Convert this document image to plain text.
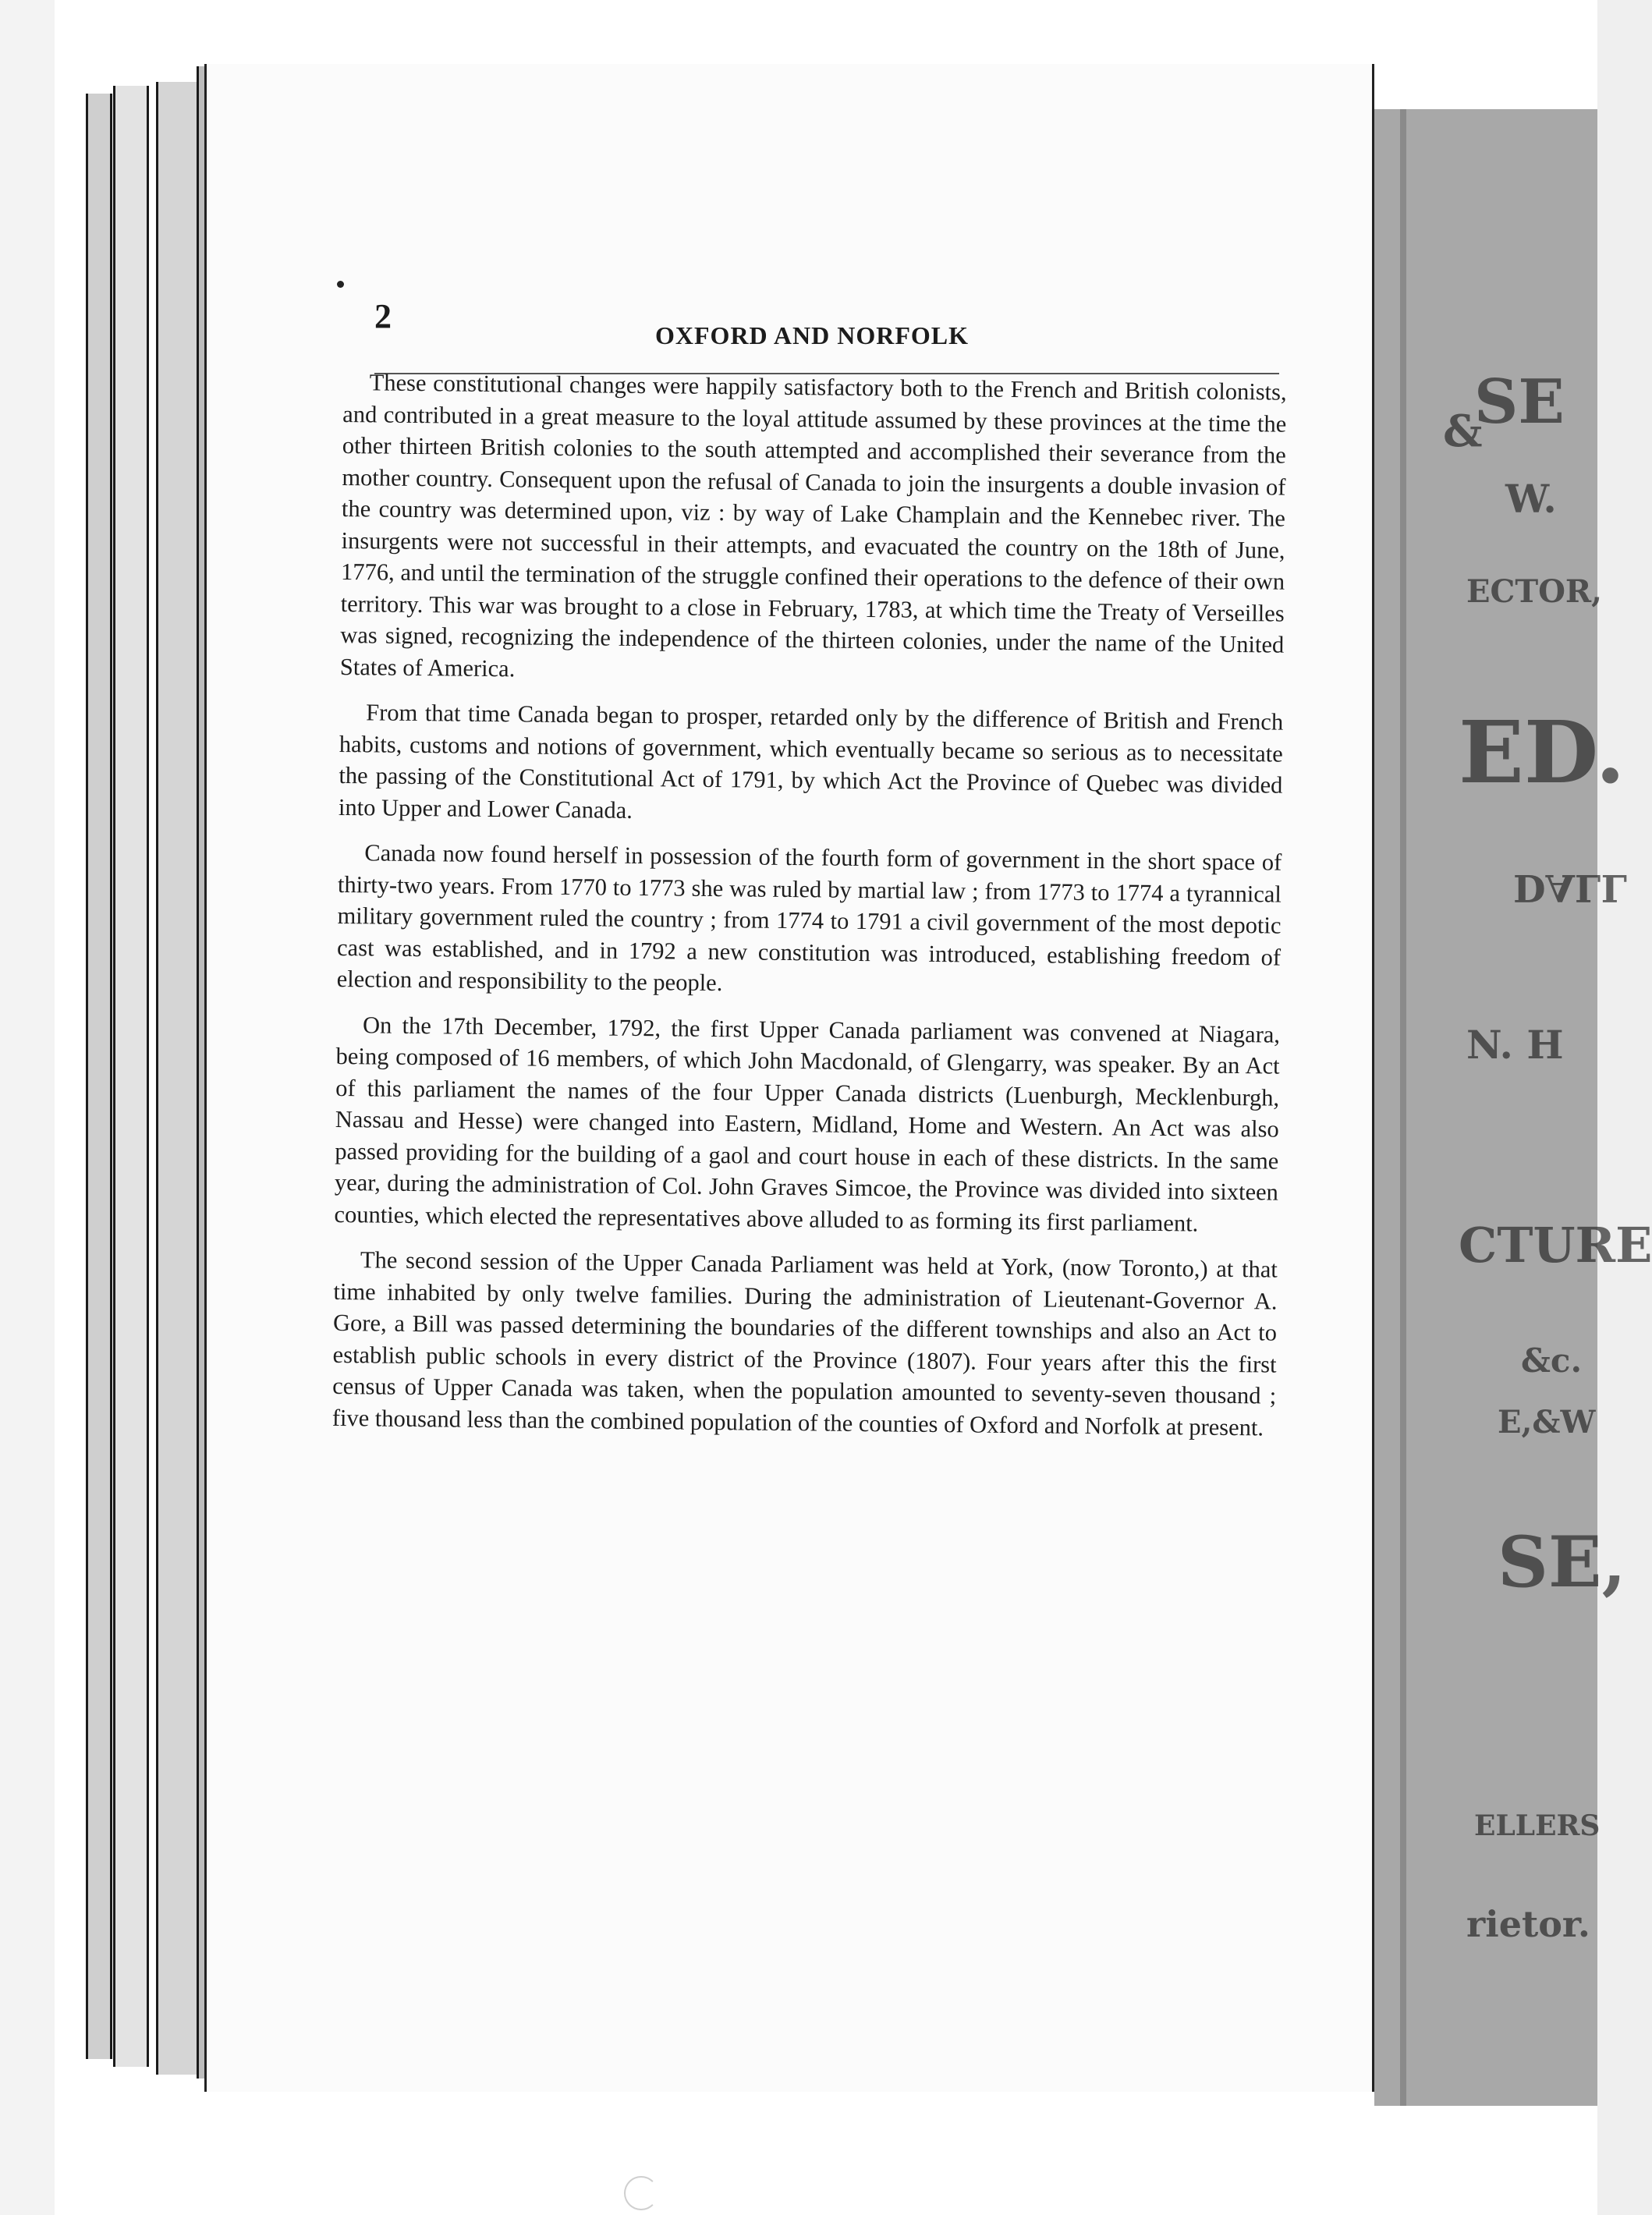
SE
&
W.
ECTOR,
ED.
DALL
N. H
CTURE
&c.
E,&W
SE,
ELLERS
rietor.
2	OXFORD AND NORFOLK

These constitutional changes were happily satisfactory both to the French and British colonists, and contributed in a great measure to the loyal attitude assumed by these provinces at the time the other thirteen British colonies to the south attempted and accomplished their severance from the mother country. Consequent upon the refusal of Canada to join the insurgents a double invasion of the country was determined upon, viz : by way of Lake Champlain and the Kennebec river. The insurgents were not successful in their attempts, and evacuated the country on the 18th of June, 1776, and until the termination of the struggle confined their operations to the defence of their own territory. This war was brought to a close in February, 1783, at which time the Treaty of Verseilles was signed, recognizing the independence of the thirteen colonies, under the name of the United States of America.

From that time Canada began to prosper, retarded only by the difference of British and French habits, customs and notions of government, which eventually became so serious as to necessitate the passing of the Constitutional Act of 1791, by which Act the Province of Quebec was divided into Upper and Lower Canada.

Canada now found herself in possession of the fourth form of government in the short space of thirty-two years. From 1770 to 1773 she was ruled by martial law ; from 1773 to 1774 a tyrannical military government ruled the country ; from 1774 to 1791 a civil government of the most depotic cast was established, and in 1792 a new constitution was introduced, establishing freedom of election and responsibility to the people.

On the 17th December, 1792, the first Upper Canada parliament was convened at Niagara, being composed of 16 members, of which John Macdonald, of Glengarry, was speaker. By an Act of this parliament the names of the four Upper Canada districts (Luenburgh, Mecklenburgh, Nassau and Hesse) were changed into Eastern, Midland, Home and Western. An Act was also passed providing for the building of a gaol and court house in each of these districts. In the same year, during the administration of Col. John Graves Simcoe, the Province was divided into sixteen counties, which elected the representatives above alluded to as forming its first parliament.

The second session of the Upper Canada Parliament was held at York, (now Toronto,) at that time inhabited by only twelve families. During the administration of Lieutenant-Governor A. Gore, a Bill was passed determining the boundaries of the different townships and also an Act to establish public schools in every district of the Province (1807). Four years after this the first census of Upper Canada was taken, when the population amounted to seventy-seven thousand ; five thousand less than the combined population of the counties of Oxford and Norfolk at present.
